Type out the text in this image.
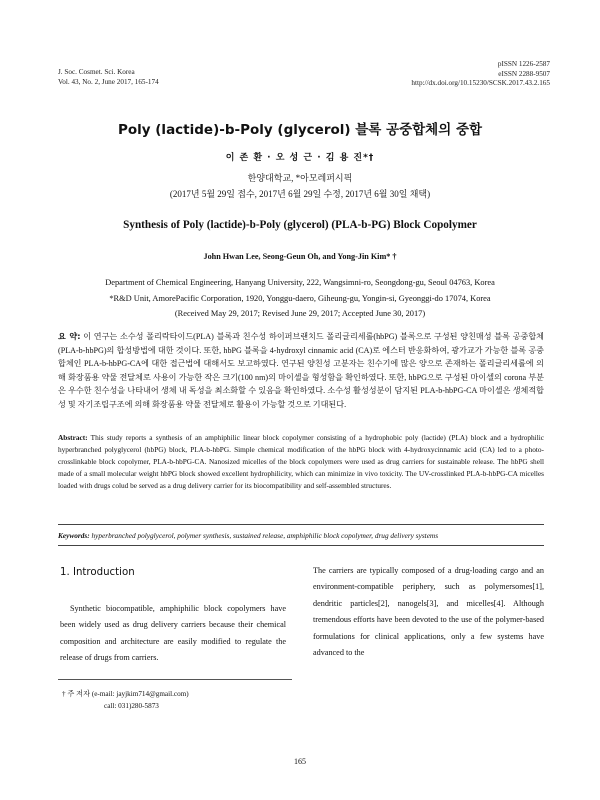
J. Soc. Cosmet. Sci. Korea
Vol. 43, No. 2, June 2017, 165-174
pISSN 1226-2587
eISSN 2288-9507
http://dx.doi.org/10.15230/SCSK.2017.43.2.165
Poly (lactide)-b-Poly (glycerol) 블록 공중합체의 중합
이 존 환 · 오 성 근 · 김 용 진*†
한양대학교, *아모레퍼시픽
(2017년 5월 29일 접수, 2017년 6월 29일 수정, 2017년 6월 30일 채택)
Synthesis of Poly (lactide)-b-Poly (glycerol) (PLA-b-PG) Block Copolymer
John Hwan Lee, Seong-Geun Oh, and Yong-Jin Kim* †
Department of Chemical Engineering, Hanyang University, 222, Wangsimni-ro, Seongdong-gu, Seoul 04763, Korea
*R&D Unit, AmorePacific Corporation, 1920, Yonggu-daero, Giheung-gu, Yongin-si, Gyeonggi-do 17074, Korea
(Received May 29, 2017; Revised June 29, 2017; Accepted June 30, 2017)
요 약: 이 연구는 소수성 폴리락타이드(PLA) 블록과 친수성 하이퍼브랜치드 폴리글리세롤(hbPG) 블록으로 구성된 양친매성 블록 공중합체(PLA-b-hbPG)의 합성방법에 대한 것이다. 또한, hbPG 블록을 4-hydroxyl cinnamic acid (CA)로 에스터 반응화하여, 광가교가 가능한 블록 공중합체인 PLA-b-hbPG-CA에 대한 접근법에 대해서도 보고하였다. 연구된 양친성 고분자는 친수기에 많은 양으로 존재하는 폴리글리세롤에 의해 화장품용 약물 전달체로 사용이 가능한 작은 크기(100 nm)의 마이셀을 형성함을 확인하였다. 또한, hbPG으로 구성된 마이셀의 corona 부분은 우수한 친수성을 나타내어 생체 내 독성을 최소화할 수 있음을 확인하였다. 소수성 활성성분이 담지된 PLA-b-hbPG-CA 마이셀은 생체적합성 및 자기조립구조에 의해 화장품용 약물 전달체로 활용이 가능할 것으로 기대된다.
Abstract: This study reports a synthesis of an amphiphilic linear block copolymer consisting of a hydrophobic poly (lactide) (PLA) block and a hydrophilic hyperbranched polyglycerol (hbPG) block, PLA-b-hbPG. Simple chemical modification of the hbPG block with 4-hydroxycinnamic acid (CA) led to a photo-crosslinkable block copolymer, PLA-b-hbPG-CA. Nanosized micelles of the block copolymers were used as drug carriers for sustainable release. The hbPG shell made of a small molecular weight hbPG block showed excellent hydrophilicity, which can minimize in vivo toxicity. The UV-crosslinked PLA-b-hbPG-CA micelles loaded with drugs colud be served as a drug delivery carrier for its biocompatibility and self-assembled structures.
Keywords: hyperbranched polyglycerol, polymer synthesis, sustained release, amphiphilic block copolymer, drug delivery systems
1. Introduction
Synthetic biocompatible, amphiphilic block copolymers have been widely used as drug delivery carriers because their chemical composition and architecture are easily modified to regulate the release of drugs from carriers.
The carriers are typically composed of a drug-loading cargo and an environment-compatible periphery, such as polymersomes[1], dendritic particles[2], nanogels[3], and micelles[4]. Although tremendous efforts have been devoted to the use of the polymer-based formulations for clinical applications, only a few systems have advanced to the
† 주 저자 (e-mail: jayjkim714@gmail.com)
call: 031)280-5873
165
